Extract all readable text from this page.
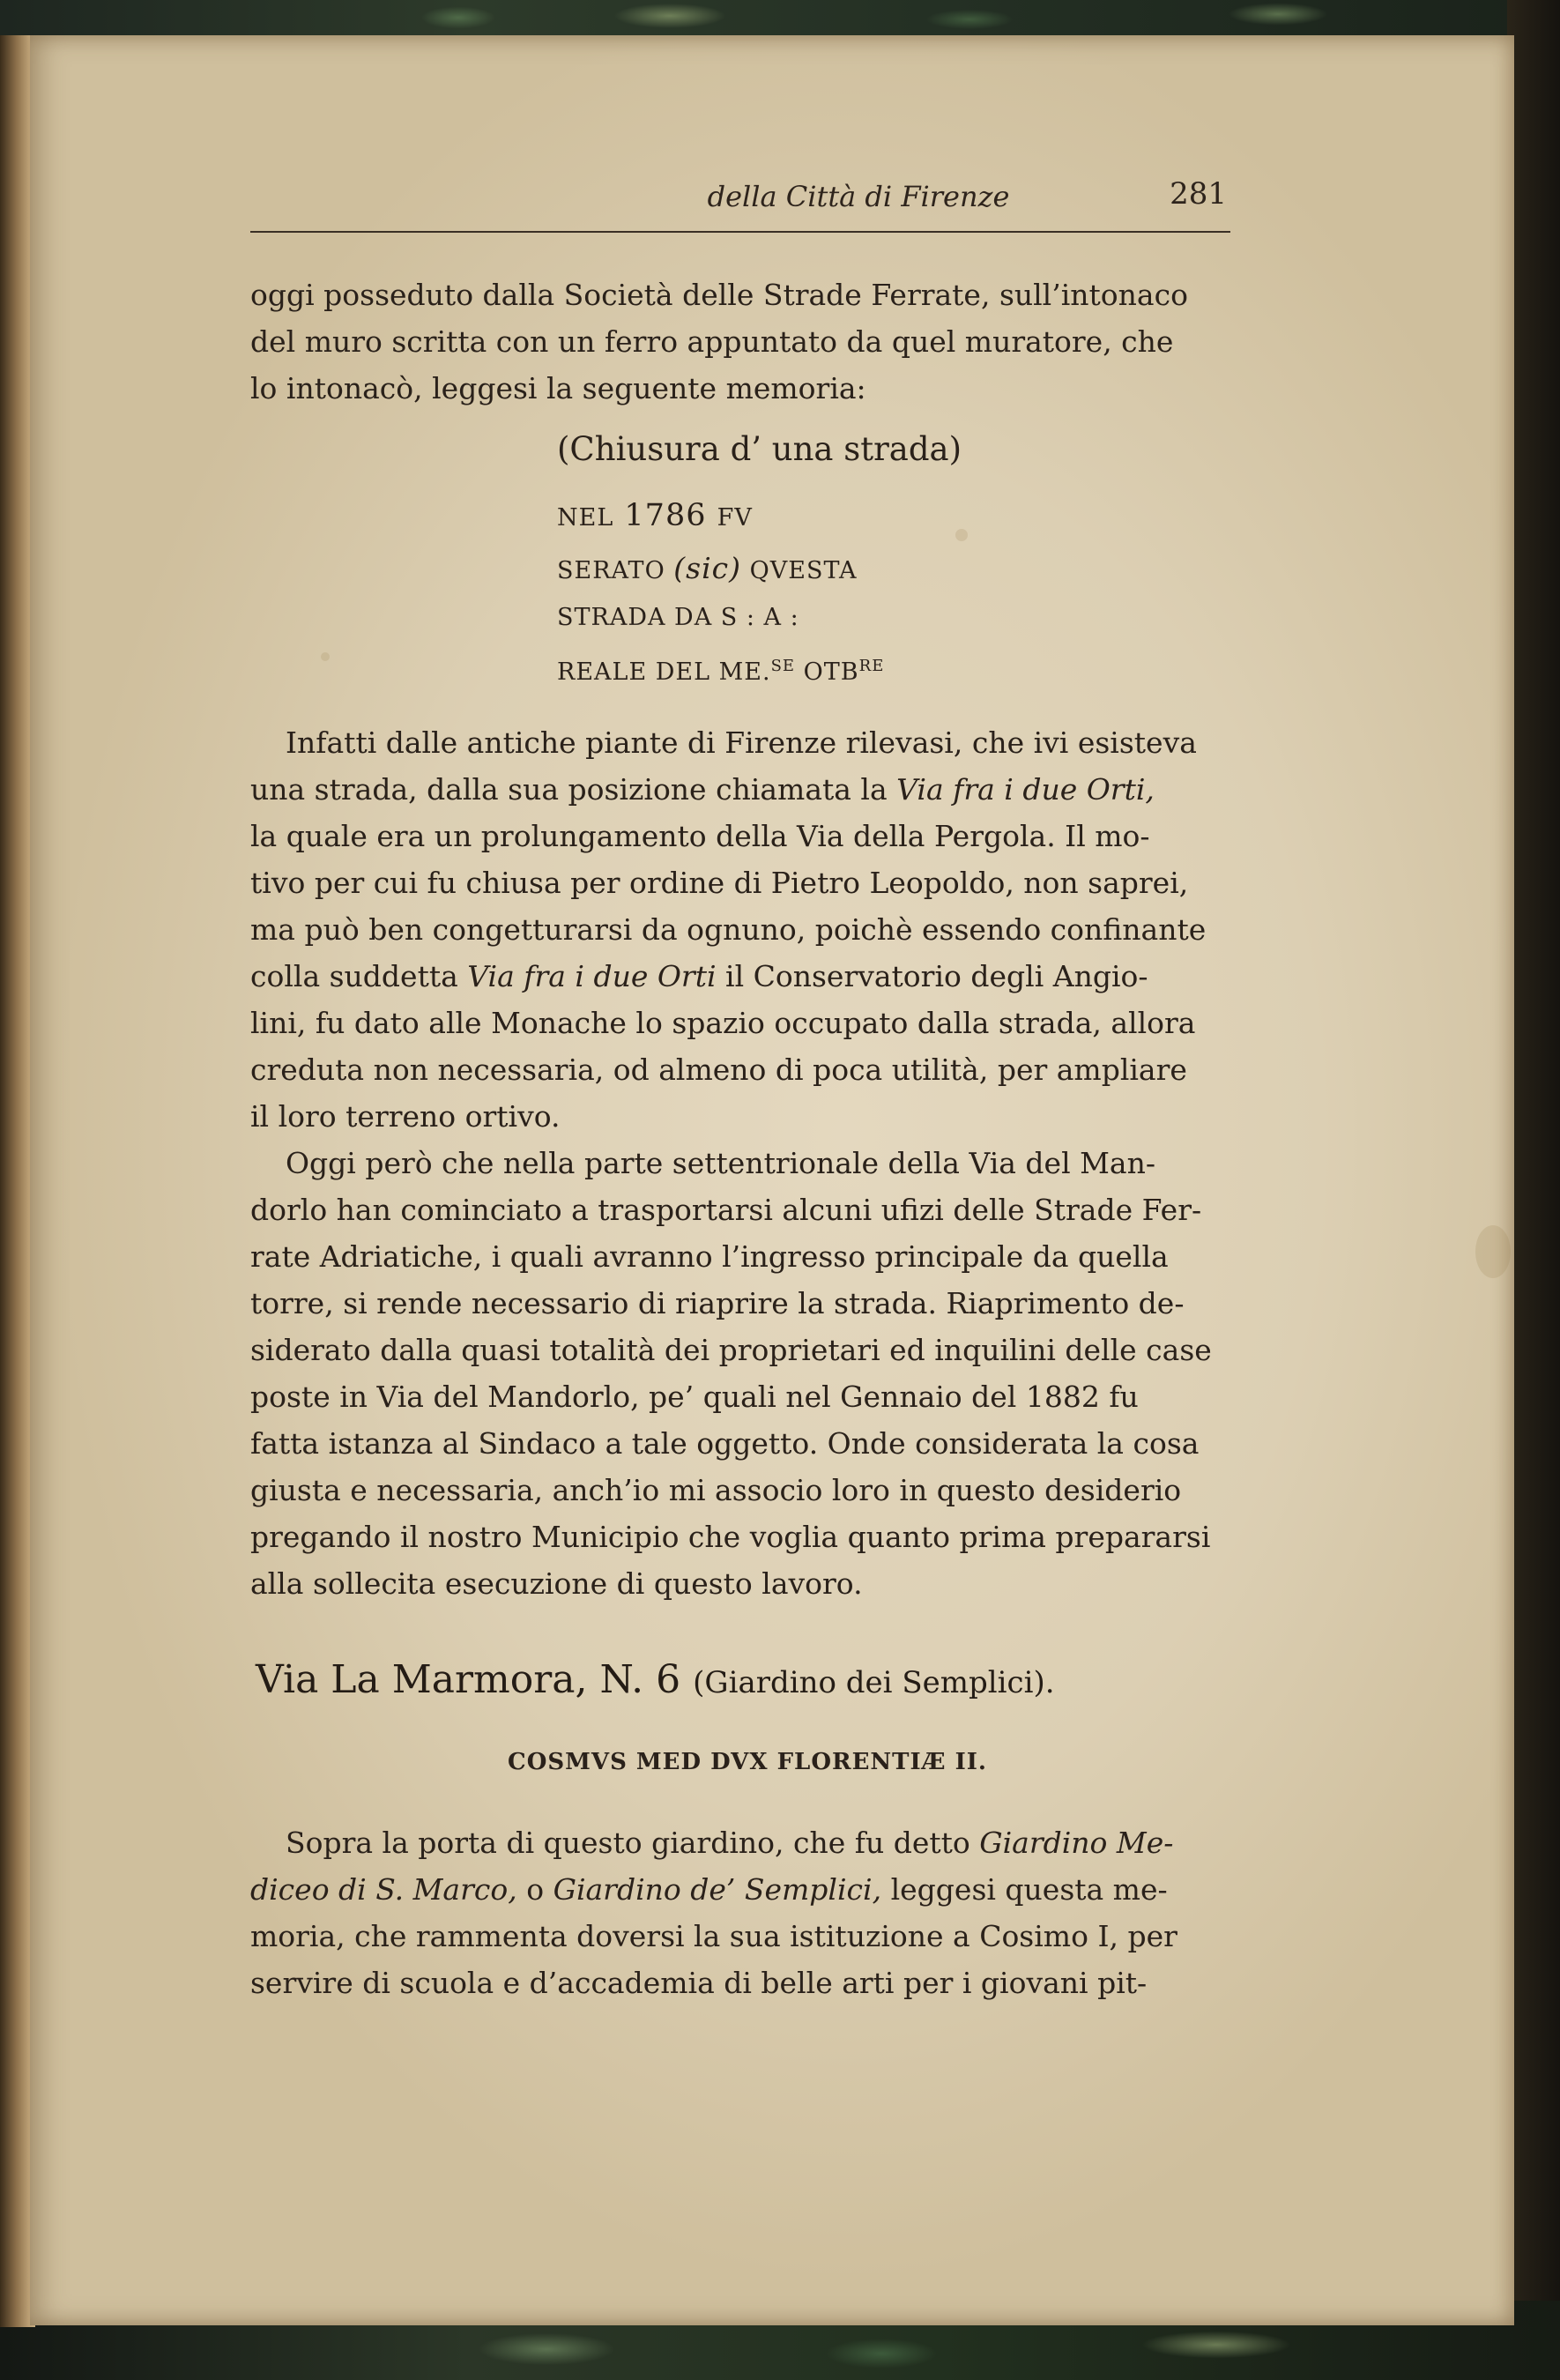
della Città di Firenze	281

oggi posseduto dalla Società delle Strade Ferrate, sull’intonaco

del muro scritta con un ferro appuntato da quel muratore, che

lo intonacò, leggesi la seguente memoria:

(Chiusura d’ una strada)

NEL 1786 FV

SERATO (sic) QVESTA

STRADA DA S : A :

REALE DEL ME.$^{SE}$ $OTB^{RE}$

Infatti dalle antiche piante di Firenze rilevasi, che ivi esisteva

una strada, dalla sua posizione chiamata la Via fra i due Orti,

la quale era un prolungamento della Via della Pergola. Il mo-

tivo per cui fu chiusa per ordine di Pietro Leopoldo, non saprei,

ma può ben congetturarsi da ognuno, poichè essendo confinante

colla suddetta Via fra i due Orti il Conservatorio degli Angio-

lini, fu dato alle Monache lo spazio occupato dalla strada, allora

creduta non necessaria, od almeno di poca utilità, per ampliare

il loro terreno ortivo.

Oggi però che nella parte settentrionale della Via del Man-

dorlo han cominciato a trasportarsi alcuni ufizi delle Strade Fer-

rate Adriatiche, i quali avranno l’ingresso principale da quella

torre, si rende necessario di riaprire la strada. Riaprimento de-

siderato dalla quasi totalità dei proprietari ed inquilini delle case

poste in Via del Mandorlo, pe’ quali nel Gennaio del 1882 fu

fatta istanza al Sindaco a tale oggetto. Onde considerata la cosa

giusta e necessaria, anch’io mi associo loro in questo desiderio

pregando il nostro Municipio che voglia quanto prima prepararsi

alla sollecita esecuzione di questo lavoro.

Via La Marmora, N. 6 (Giardino dei Semplici).
COSMVS MED DVX FLORENTIÆ II.

Sopra la porta di questo giardino, che fu detto Giardino Me-

diceo di S. Marco, o Giardino de’ Semplici, leggesi questa me-

moria, che rammenta doversi la sua istituzione a Cosimo I, per

servire di scuola e d’accademia di belle arti per i giovani pit-
